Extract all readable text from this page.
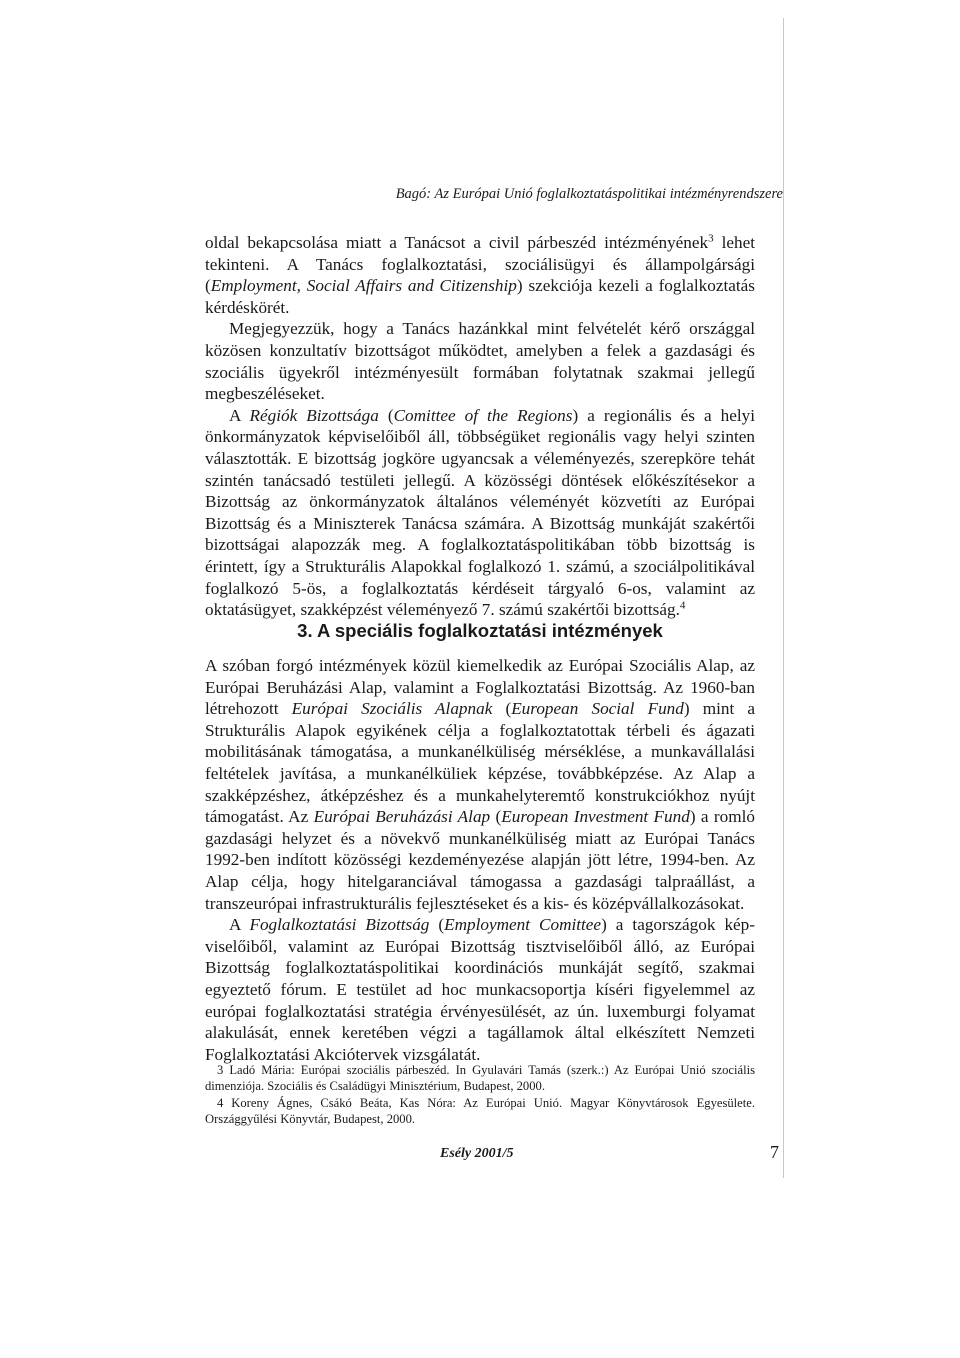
Bagó: Az Európai Unió foglalkoztatáspolitikai intézményrendszere

oldal bekapcsolása miatt a Tanácsot a civil párbeszéd intézményének$^3$ lehet tekinteni. A Tanács foglalkoztatási, szociálisügyi és állampolgársági (Employment, Social Affairs and Citizenship) szekciója kezeli a foglalkoztatás kérdéskörét.

Megjegyezzük, hogy a Tanács hazánkkal mint felvételét kérő országgal közösen konzultatív bizottságot működtet, amelyben a felek a gazdasági és szociális ügyekről intézményesült formában folytatnak szakmai jellegű megbeszéléseket.

A Régiók Bizottsága (Comittee of the Regions) a regionális és a helyi önkormányzatok képviselőiből áll, többségüket regionális vagy helyi szinten választották. E bizottság jogköre ugyancsak a véleményezés, szerepköre tehát szintén tanácsadó testületi jellegű. A közösségi döntések előkészítésekor a Bizottság az önkormányzatok általános véleményét közvetíti az Európai Bizottság és a Miniszterek Tanácsa számára. A Bizottság munkáját szakértői bizottságai alapozzák meg. A foglalkoztatáspolitikában több bizottság is érintett, így a Strukturális Alapokkal foglalkozó 1. számú, a szociálpolitikával foglalkozó 5-ös, a foglalkoztatás kérdéseit tárgyaló 6-os, valamint az oktatásügyet, szakképzést véleményező 7. számú szakértői bizottság.$^4$

3. A speciális foglalkoztatási intézmények

A szóban forgó intézmények közül kiemelkedik az Európai Szociális Alap, az Európai Beruházási Alap, valamint a Foglalkoztatási Bizottság. Az 1960-ban létrehozott Európai Szociális Alapnak (European Social Fund) mint a Strukturális Alapok egyikének célja a foglalkoztatottak térbeli és ágazati mobilitásának támogatása, a munkanélküliség mérséklése, a munkavállalási feltételek javítása, a munkanélküliek képzése, továbbképzése. Az Alap a szakképzéshez, átképzéshez és a munkahelyteremtő konstrukciókhoz nyújt támogatást. Az Európai Beruházási Alap (European Investment Fund) a romló gazdasági helyzet és a növekvő munkanélküliség miatt az Európai Tanács 1992-ben indított közösségi kezdeményezése alapján jött létre, 1994-ben. Az Alap célja, hogy hitelgaranciával támogassa a gazdasági talpraállást, a transzeurópai infrastrukturális fejlesztéseket és a kis- és középvállalkozásokat.

A Foglalkoztatási Bizottság (Employment Comittee) a tagországok képviselőiből, valamint az Európai Bizottság tisztviselőiből álló, az Európai Bizottság foglalkoztatáspolitikai koordinációs munkáját segítő, szakmai egyeztető fórum. E testület ad hoc munkacsoportja kíséri figyelemmel az európai foglalkoztatási stratégia érvényesülését, az ún. luxemburgi folyamat alakulását, ennek keretében végzi a tagállamok által elkészített Nemzeti Foglalkoztatási Akciótervek vizsgálatát.

3 Ladó Mária: Európai szociális párbeszéd. In Gyulavári Tamás (szerk.:) Az Európai Unió szociális dimenziója. Szociális és Családügyi Minisztérium, Budapest, 2000.

4 Koreny Ágnes, Csákó Beáta, Kas Nóra: Az Európai Unió. Magyar Könyvtárosok Egyesülete. Országgyűlési Könyvtár, Budapest, 2000.

Esély 2001/5	7
